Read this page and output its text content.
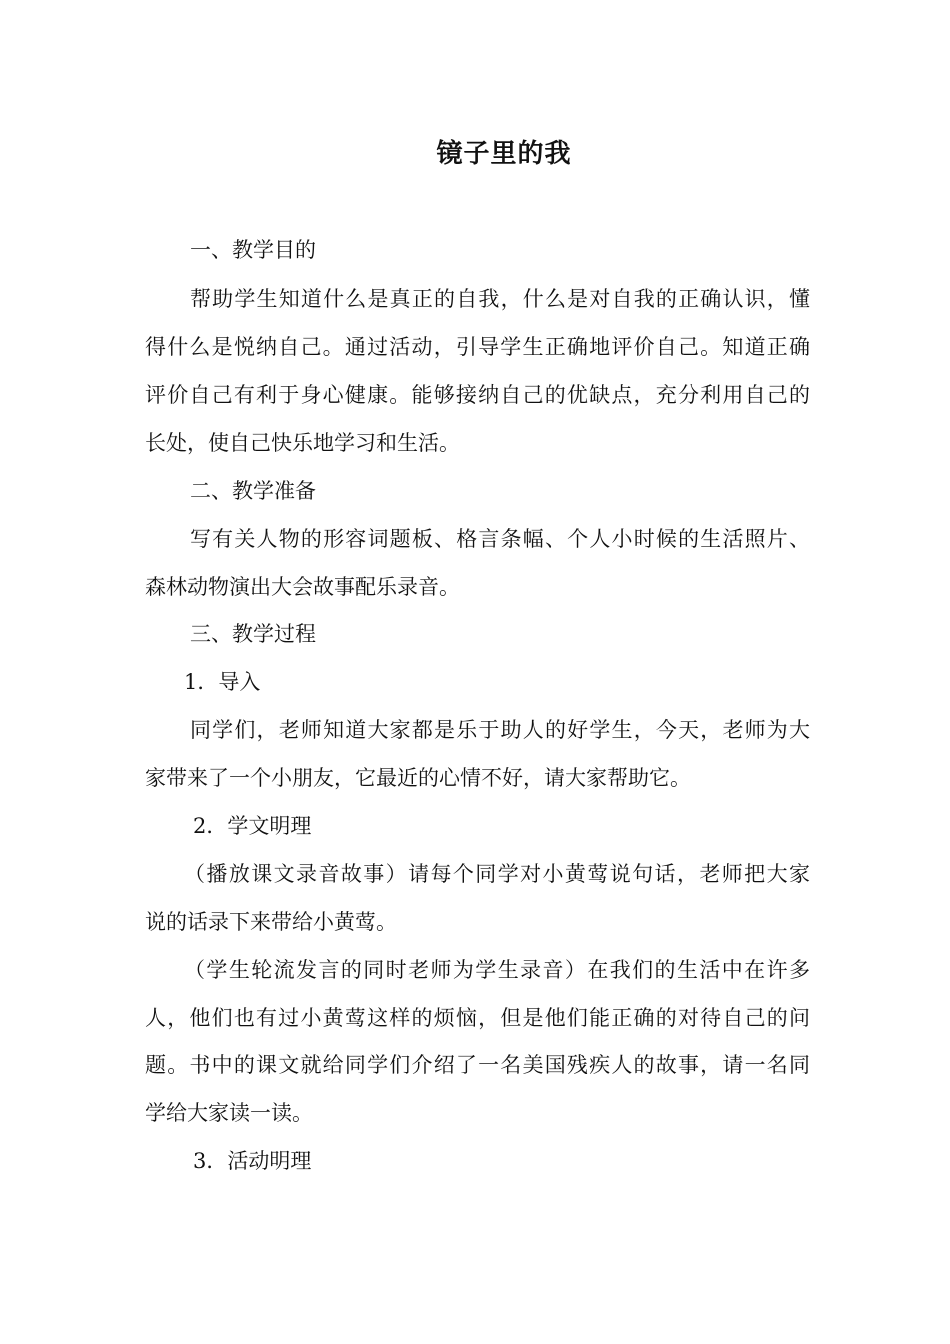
镜子里的我
一、教学目的
帮助学生知道什么是真正的自我，什么是对自我的正确认识，懂
得什么是悦纳自己。通过活动，引导学生正确地评价自己。知道正确
评价自己有利于身心健康。能够接纳自己的优缺点，充分利用自己的
长处，使自己快乐地学习和生活。
二、教学准备
写有关人物的形容词题板、格言条幅、个人小时候的生活照片、
森林动物演出大会故事配乐录音。
三、教学过程
1．导入
同学们，老师知道大家都是乐于助人的好学生，今天，老师为大
家带来了一个小朋友，它最近的心情不好，请大家帮助它。
2．学文明理
（播放课文录音故事）请每个同学对小黄莺说句话，老师把大家
说的话录下来带给小黄莺。
（学生轮流发言的同时老师为学生录音）在我们的生活中在许多
人，他们也有过小黄莺这样的烦恼，但是他们能正确的对待自己的问
题。书中的课文就给同学们介绍了一名美国残疾人的故事，请一名同
学给大家读一读。
3．活动明理
